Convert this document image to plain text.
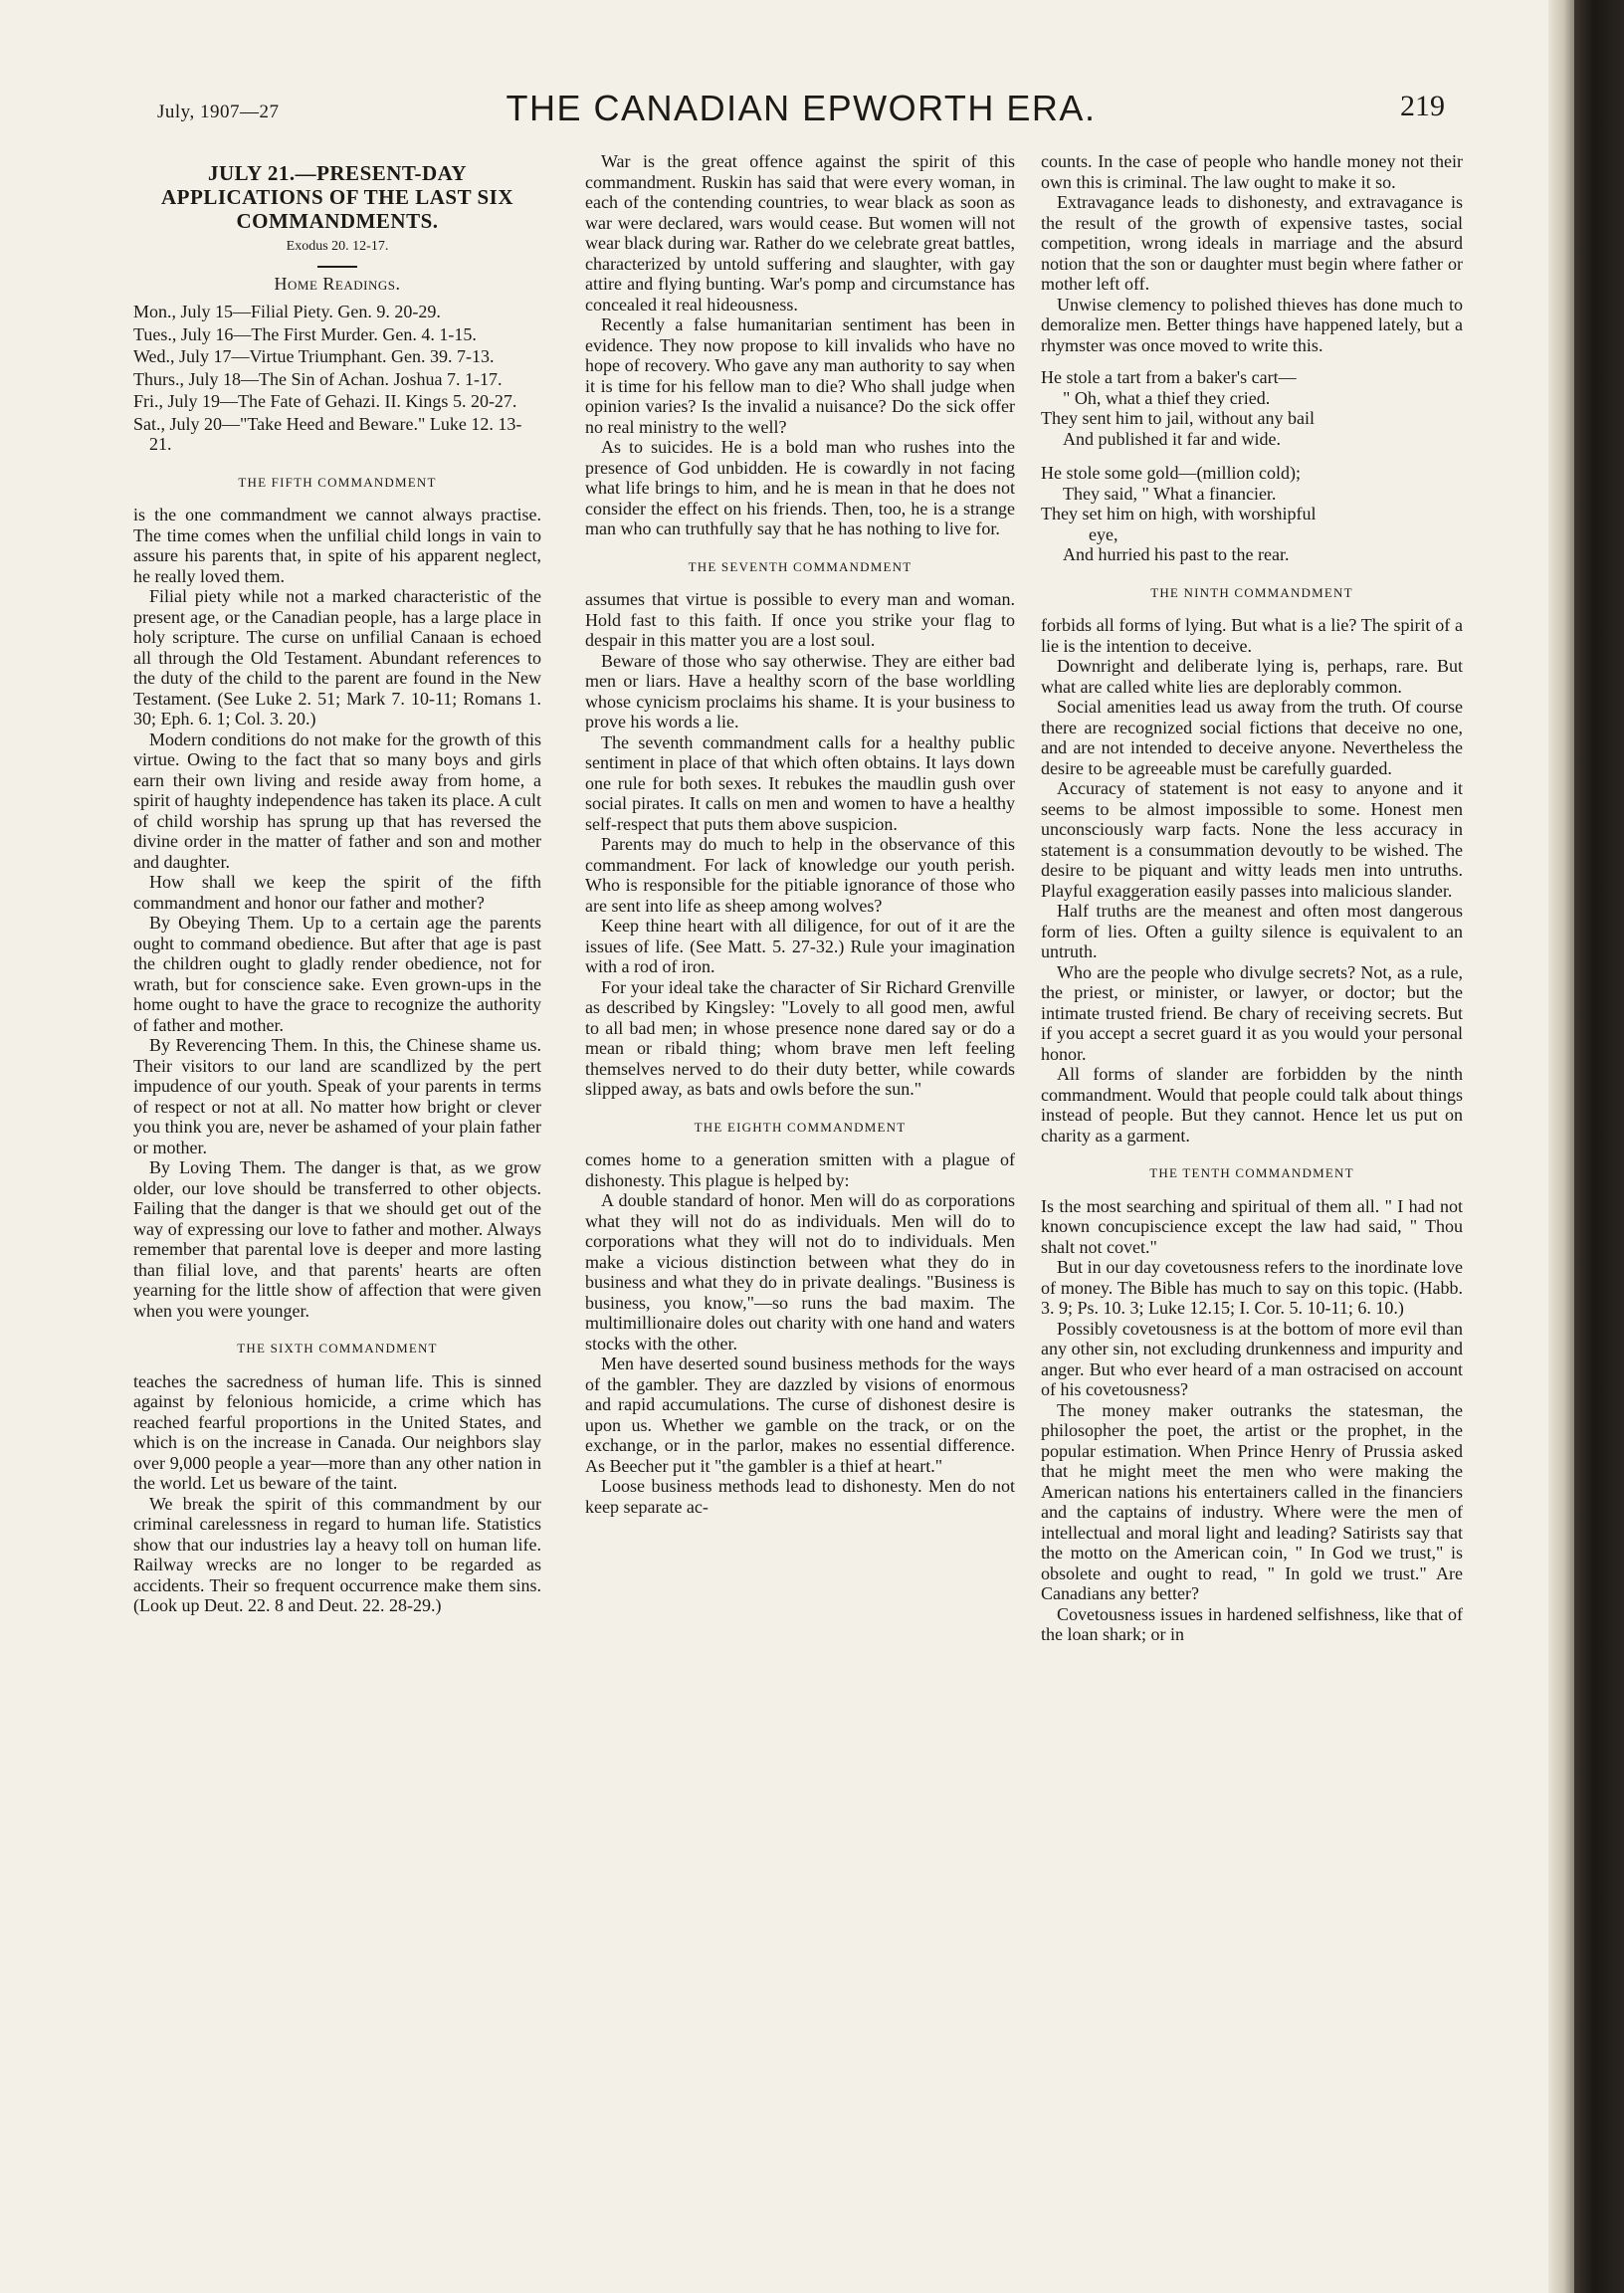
July, 1907—27	THE CANADIAN EPWORTH ERA.	219
JULY 21.—PRESENT-DAY APPLICATIONS OF THE LAST SIX COMMANDMENTS.
Exodus 20. 12-17.
Home Readings.

Mon., July 15—Filial Piety. Gen. 9. 20-29.

Tues., July 16—The First Murder. Gen. 4. 1-15.

Wed., July 17—Virtue Triumphant. Gen. 39. 7-13.

Thurs., July 18—The Sin of Achan. Joshua 7. 1-17.

Fri., July 19—The Fate of Gehazi. II. Kings 5. 20-27.

Sat., July 20—"Take Heed and Beware." Luke 12. 13-21.

THE FIFTH COMMANDMENT

is the one commandment we cannot always practise. The time comes when the unfilial child longs in vain to assure his parents that, in spite of his apparent neglect, he really loved them.

Filial piety while not a marked characteristic of the present age, or the Canadian people, has a large place in holy scripture. The curse on unfilial Canaan is echoed all through the Old Testament. Abundant references to the duty of the child to the parent are found in the New Testament. (See Luke 2. 51; Mark 7. 10-11; Romans 1. 30; Eph. 6. 1; Col. 3. 20.)

Modern conditions do not make for the growth of this virtue. Owing to the fact that so many boys and girls earn their own living and reside away from home, a spirit of haughty independence has taken its place. A cult of child worship has sprung up that has reversed the divine order in the matter of father and son and mother and daughter.

How shall we keep the spirit of the fifth commandment and honor our father and mother?

By Obeying Them. Up to a certain age the parents ought to command obedience. But after that age is past the children ought to gladly render obedience, not for wrath, but for conscience sake. Even grown-ups in the home ought to have the grace to recognize the authority of father and mother.

By Reverencing Them. In this, the Chinese shame us. Their visitors to our land are scandlized by the pert impudence of our youth. Speak of your parents in terms of respect or not at all. No matter how bright or clever you think you are, never be ashamed of your plain father or mother.

By Loving Them. The danger is that, as we grow older, our love should be transferred to other objects. Failing that the danger is that we should get out of the way of expressing our love to father and mother. Always remember that parental love is deeper and more lasting than filial love, and that parents' hearts are often yearning for the little show of affection that were given when you were younger.

THE SIXTH COMMANDMENT

teaches the sacredness of human life. This is sinned against by felonious homicide, a crime which has reached fearful proportions in the United States, and which is on the increase in Canada. Our neighbors slay over 9,000 people a year—more than any other nation in the world. Let us beware of the taint.

We break the spirit of this commandment by our criminal carelessness in regard to human life. Statistics show that our industries lay a heavy toll on human life. Railway wrecks are no longer to be regarded as accidents. Their so frequent occurrence make them sins. (Look up Deut. 22. 8 and Deut. 22. 28-29.)

War is the great offence against the spirit of this commandment. Ruskin has said that were every woman, in each of the contending countries, to wear black as soon as war were declared, wars would cease. But women will not wear black during war. Rather do we celebrate great battles, characterized by untold suffering and slaughter, with gay attire and flying bunting. War's pomp and circumstance has concealed it real hideousness.

Recently a false humanitarian sentiment has been in evidence. They now propose to kill invalids who have no hope of recovery. Who gave any man authority to say when it is time for his fellow man to die? Who shall judge when opinion varies? Is the invalid a nuisance? Do the sick offer no real ministry to the well?

As to suicides. He is a bold man who rushes into the presence of God unbidden. He is cowardly in not facing what life brings to him, and he is mean in that he does not consider the effect on his friends. Then, too, he is a strange man who can truthfully say that he has nothing to live for.

THE SEVENTH COMMANDMENT

assumes that virtue is possible to every man and woman. Hold fast to this faith. If once you strike your flag to despair in this matter you are a lost soul.

Beware of those who say otherwise. They are either bad men or liars. Have a healthy scorn of the base worldling whose cynicism proclaims his shame. It is your business to prove his words a lie.

The seventh commandment calls for a healthy public sentiment in place of that which often obtains. It lays down one rule for both sexes. It rebukes the maudlin gush over social pirates. It calls on men and women to have a healthy self-respect that puts them above suspicion.

Parents may do much to help in the observance of this commandment. For lack of knowledge our youth perish. Who is responsible for the pitiable ignorance of those who are sent into life as sheep among wolves?

Keep thine heart with all diligence, for out of it are the issues of life. (See Matt. 5. 27-32.) Rule your imagination with a rod of iron.

For your ideal take the character of Sir Richard Grenville as described by Kingsley: "Lovely to all good men, awful to all bad men; in whose presence none dared say or do a mean or ribald thing; whom brave men left feeling themselves nerved to do their duty better, while cowards slipped away, as bats and owls before the sun."

THE EIGHTH COMMANDMENT

comes home to a generation smitten with a plague of dishonesty. This plague is helped by:

A double standard of honor. Men will do as corporations what they will not do as individuals. Men will do to corporations what they will not do to individuals. Men make a vicious distinction between what they do in business and what they do in private dealings. "Business is business, you know,"—so runs the bad maxim. The multimillionaire doles out charity with one hand and waters stocks with the other.

Men have deserted sound business methods for the ways of the gambler. They are dazzled by visions of enormous and rapid accumulations. The curse of dishonest desire is upon us. Whether we gamble on the track, or on the exchange, or in the parlor, makes no essential difference. As Beecher put it "the gambler is a thief at heart."

Loose business methods lead to dishonesty. Men do not keep separate ac-

counts. In the case of people who handle money not their own this is criminal. The law ought to make it so.

Extravagance leads to dishonesty, and extravagance is the result of the growth of expensive tastes, social competition, wrong ideals in marriage and the absurd notion that the son or daughter must begin where father or mother left off.

Unwise clemency to polished thieves has done much to demoralize men. Better things have happened lately, but a rhymster was once moved to write this.

He stole a tart from a baker's cart—

" Oh, what a thief they cried.

They sent him to jail, without any bail

And published it far and wide.

He stole some gold—(million cold);

They said, " What a financier.

They set him on high, with worshipful

eye,

And hurried his past to the rear.

THE NINTH COMMANDMENT

forbids all forms of lying. But what is a lie? The spirit of a lie is the intention to deceive.

Downright and deliberate lying is, perhaps, rare. But what are called white lies are deplorably common.

Social amenities lead us away from the truth. Of course there are recognized social fictions that deceive no one, and are not intended to deceive anyone. Nevertheless the desire to be agreeable must be carefully guarded.

Accuracy of statement is not easy to anyone and it seems to be almost impossible to some. Honest men unconsciously warp facts. None the less accuracy in statement is a consummation devoutly to be wished. The desire to be piquant and witty leads men into untruths. Playful exaggeration easily passes into malicious slander.

Half truths are the meanest and often most dangerous form of lies. Often a guilty silence is equivalent to an untruth.

Who are the people who divulge secrets? Not, as a rule, the priest, or minister, or lawyer, or doctor; but the intimate trusted friend. Be chary of receiving secrets. But if you accept a secret guard it as you would your personal honor.

All forms of slander are forbidden by the ninth commandment. Would that people could talk about things instead of people. But they cannot. Hence let us put on charity as a garment.

THE TENTH COMMANDMENT

Is the most searching and spiritual of them all. " I had not known concupiscience except the law had said, " Thou shalt not covet."

But in our day covetousness refers to the inordinate love of money. The Bible has much to say on this topic. (Habb. 3. 9; Ps. 10. 3; Luke 12.15; I. Cor. 5. 10-11; 6. 10.)

Possibly covetousness is at the bottom of more evil than any other sin, not excluding drunkenness and impurity and anger. But who ever heard of a man ostracised on account of his covetousness?

The money maker outranks the statesman, the philosopher the poet, the artist or the prophet, in the popular estimation. When Prince Henry of Prussia asked that he might meet the men who were making the American nations his entertainers called in the financiers and the captains of industry. Where were the men of intellectual and moral light and leading? Satirists say that the motto on the American coin, " In God we trust," is obsolete and ought to read, " In gold we trust." Are Canadians any better?

Covetousness issues in hardened selfishness, like that of the loan shark; or in
